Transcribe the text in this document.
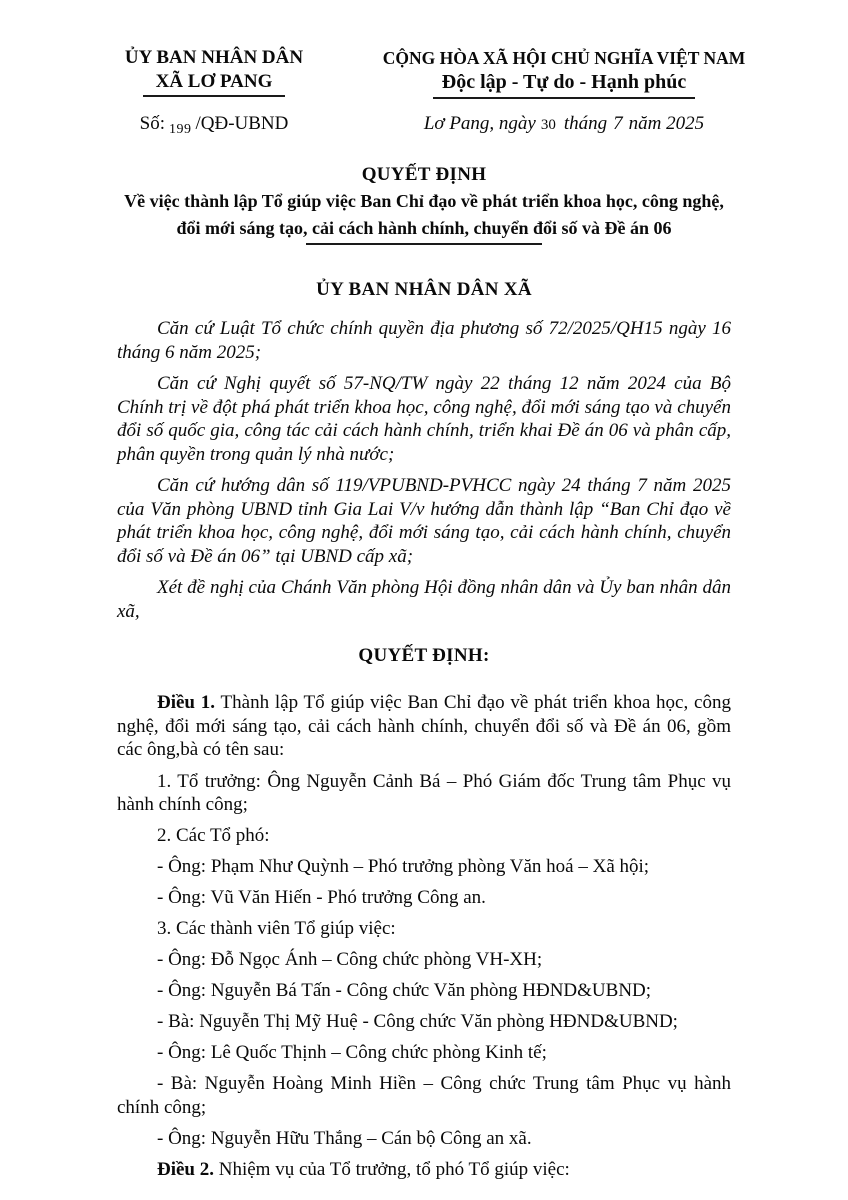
ỦY BAN NHÂN DÂN
XÃ LƠ PANG
Số: $_{199}$ /QĐ-UBND
CỘNG HÒA XÃ HỘI CHỦ NGHĨA VIỆT NAM
Độc lập - Tự do - Hạnh phúc
Lơ Pang, ngày 30 tháng 7 năm 2025
QUYẾT ĐỊNH
Về việc thành lập Tổ giúp việc Ban Chỉ đạo về phát triển khoa học, công nghệ,
đổi mới sáng tạo, cải cách hành chính, chuyển đổi số và Đề án 06
ỦY BAN NHÂN DÂN XÃ

Căn cứ Luật Tổ chức chính quyền địa phương số 72/2025/QH15 ngày 16 tháng 6 năm 2025;

Căn cứ Nghị quyết số 57-NQ/TW ngày 22 tháng 12 năm 2024 của Bộ Chính trị về đột phá phát triển khoa học, công nghệ, đổi mới sáng tạo và chuyển đổi số quốc gia, công tác cải cách hành chính, triển khai Đề án 06 và phân cấp, phân quyền trong quản lý nhà nước;

Căn cứ hướng dân số 119/VPUBND-PVHCC ngày 24 tháng 7 năm 2025 của Văn phòng UBND tỉnh Gia Lai V/v hướng dẫn thành lập “Ban Chỉ đạo về phát triển khoa học, công nghệ, đổi mới sáng tạo, cải cách hành chính, chuyển đổi số và Đề án 06” tại UBND cấp xã;

Xét đề nghị của Chánh Văn phòng Hội đồng nhân dân và Ủy ban nhân dân xã,

QUYẾT ĐỊNH:

Điều 1. Thành lập Tổ giúp việc Ban Chỉ đạo về phát triển khoa học, công nghệ, đổi mới sáng tạo, cải cách hành chính, chuyển đổi số và Đề án 06, gồm các ông,bà có tên sau:

1. Tổ trưởng: Ông Nguyễn Cảnh Bá – Phó Giám đốc Trung tâm Phục vụ hành chính công;
2. Các Tổ phó:
- Ông: Phạm Như Quỳnh – Phó trưởng phòng Văn hoá – Xã hội;
- Ông: Vũ Văn Hiến - Phó trưởng Công an.
3. Các thành viên Tổ giúp việc:
- Ông: Đỗ Ngọc Ánh – Công chức phòng VH-XH;
- Ông: Nguyễn Bá Tấn - Công chức Văn phòng HĐND&UBND;
- Bà: Nguyễn Thị Mỹ Huệ - Công chức Văn phòng HĐND&UBND;
- Ông: Lê Quốc Thịnh – Công chức phòng Kinh tế;
- Bà: Nguyễn Hoàng Minh Hiền – Công chức Trung tâm Phục vụ hành chính công;
- Ông: Nguyễn Hữu Thắng – Cán bộ Công an xã.

Điều 2. Nhiệm vụ của Tổ trưởng, tổ phó Tổ giúp việc:
